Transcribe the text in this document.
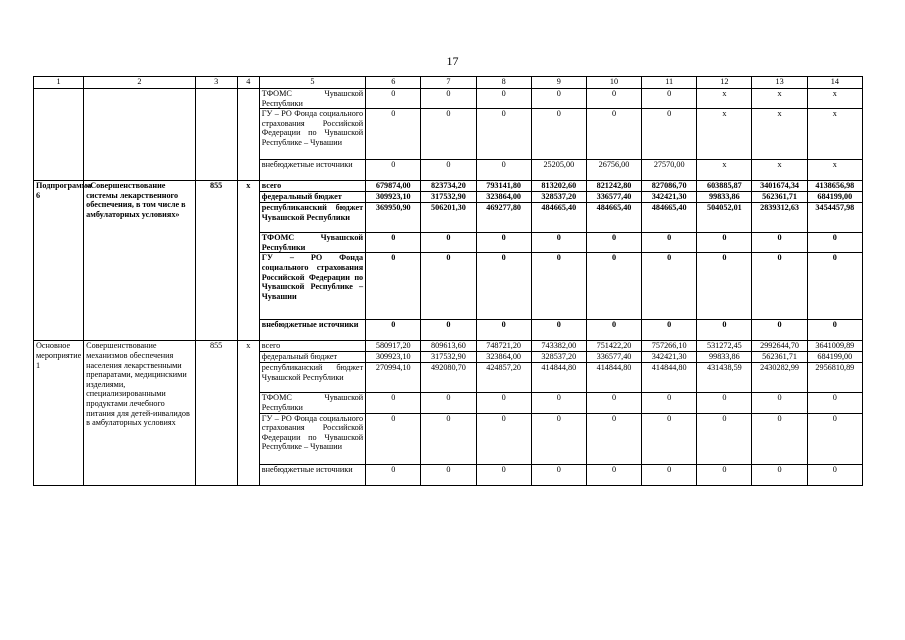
17
1	2	3	4	5	6	7	8	9	10	11	12	13	14
				ТФОМС Чувашской Республики	0	0	0	0	0	0	х	х	х
				ГУ – РО Фонда социального страхования Российской Федерации по Чувашской Республике – Чувашии	0	0	0	0	0	0	х	х	х
				внебюджетные источники	0	0	0	25205,00	26756,00	27570,00	х	х	х
Подпрограмма 6	«Совершенствование системы лекарственного обеспечения, в том числе в амбулаторных условиях»	855	х	всего	679874,00	823734,20	793141,80	813202,60	821242,80	827086,70	603885,87	3401674,34	4138656,98
				федеральный бюджет	309923,10	317532,90	323864,00	328537,20	336577,40	342421,30	99833,86	562361,71	684199,00
				республиканский бюджет Чувашской Республики	369950,90	506201,30	469277,80	484665,40	484665,40	484665,40	504052,01	2839312,63	3454457,98
				ТФОМС Чувашской Республики	0	0	0	0	0	0	0	0	0
				ГУ – РО Фонда социального страхования Российской Федерации по Чувашской Республике – Чувашии	0	0	0	0	0	0	0	0	0
				внебюджетные источники	0	0	0	0	0	0	0	0	0
Основное мероприятие 1	Совершенствование механизмов обеспечения населения лекарственными препаратами, медицинскими изделиями, специализированными продуктами лечебного питания для детей-инвалидов в амбулаторных условиях	855	х	всего	580917,20	809613,60	748721,20	743382,00	751422,20	757266,10	531272,45	2992644,70	3641009,89
				федеральный бюджет	309923,10	317532,90	323864,00	328537,20	336577,40	342421,30	99833,86	562361,71	684199,00
				республиканский бюджет Чувашской Республики	270994,10	492080,70	424857,20	414844,80	414844,80	414844,80	431438,59	2430282,99	2956810,89
				ТФОМС Чувашской Республики	0	0	0	0	0	0	0	0	0
				ГУ – РО Фонда социального страхования Российской Федерации по Чувашской Республике – Чувашии	0	0	0	0	0	0	0	0	0
				внебюджетные источники	0	0	0	0	0	0	0	0	0
